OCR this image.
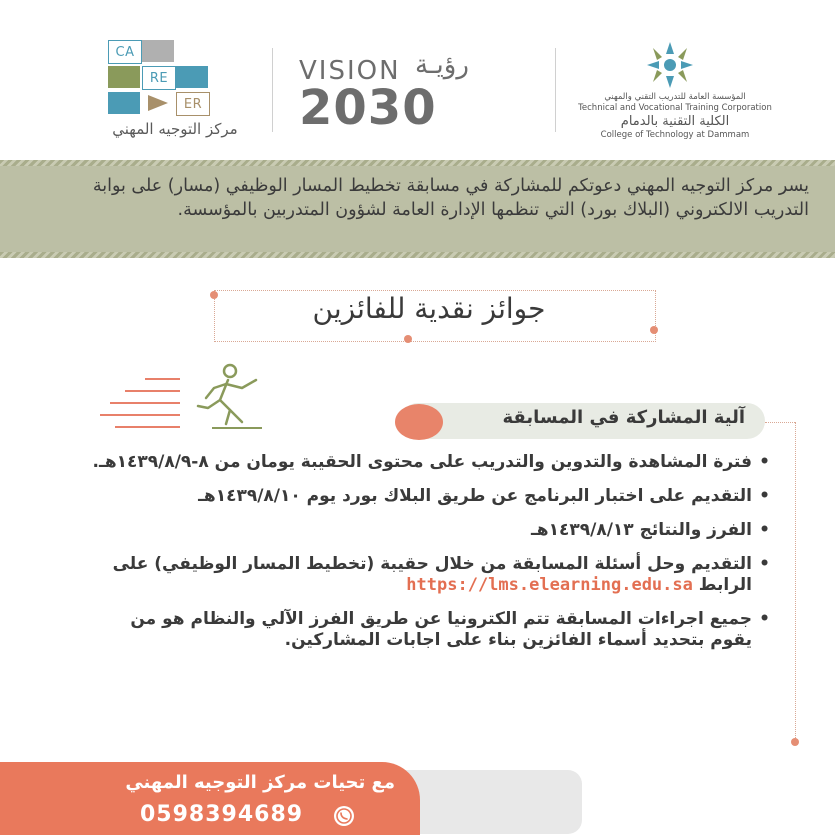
CA
RE
ER
مركز التوجيه المهني
VISION رؤيـة
2030	المؤسسة العامة للتدريب التقني والمهني
Technical and Vocational Training Corporation
الكلية التقنية بالدمام
College of Technology at Dammam
يسر مركز التوجيه المهني دعوتكم للمشاركة في مسابقة تخطيط المسار الوظيفي (مسار) على بوابة التدريب الالكتروني (البلاك بورد) التي تنظمها الإدارة العامة لشؤون المتدربين بالمؤسسة.
جوائز نقدية للفائزين
آلية المشاركة في المسابقة
• فترة المشاهدة والتدوين والتدريب على محتوى الحقيبة يومان من ٨-١٤٣٩/٨/٩هـ.
• التقديم على اختبار البرنامج عن طريق البلاك بورد يوم ١٤٣٩/٨/١٠هـ
• الفرز والنتائج ١٤٣٩/٨/١٣هـ
• التقديم وحل أسئلة المسابقة من خلال حقيبة (تخطيط المسار الوظيفي) على الرابط https://lms.elearning.edu.sa
• جميع اجراءات المسابقة تتم الكترونيا عن طريق الفرز الآلي والنظام هو من يقوم بتحديد أسماء الفائزين بناء على اجابات المشاركين.
مع تحيات مركز التوجيه المهني
0598394689
